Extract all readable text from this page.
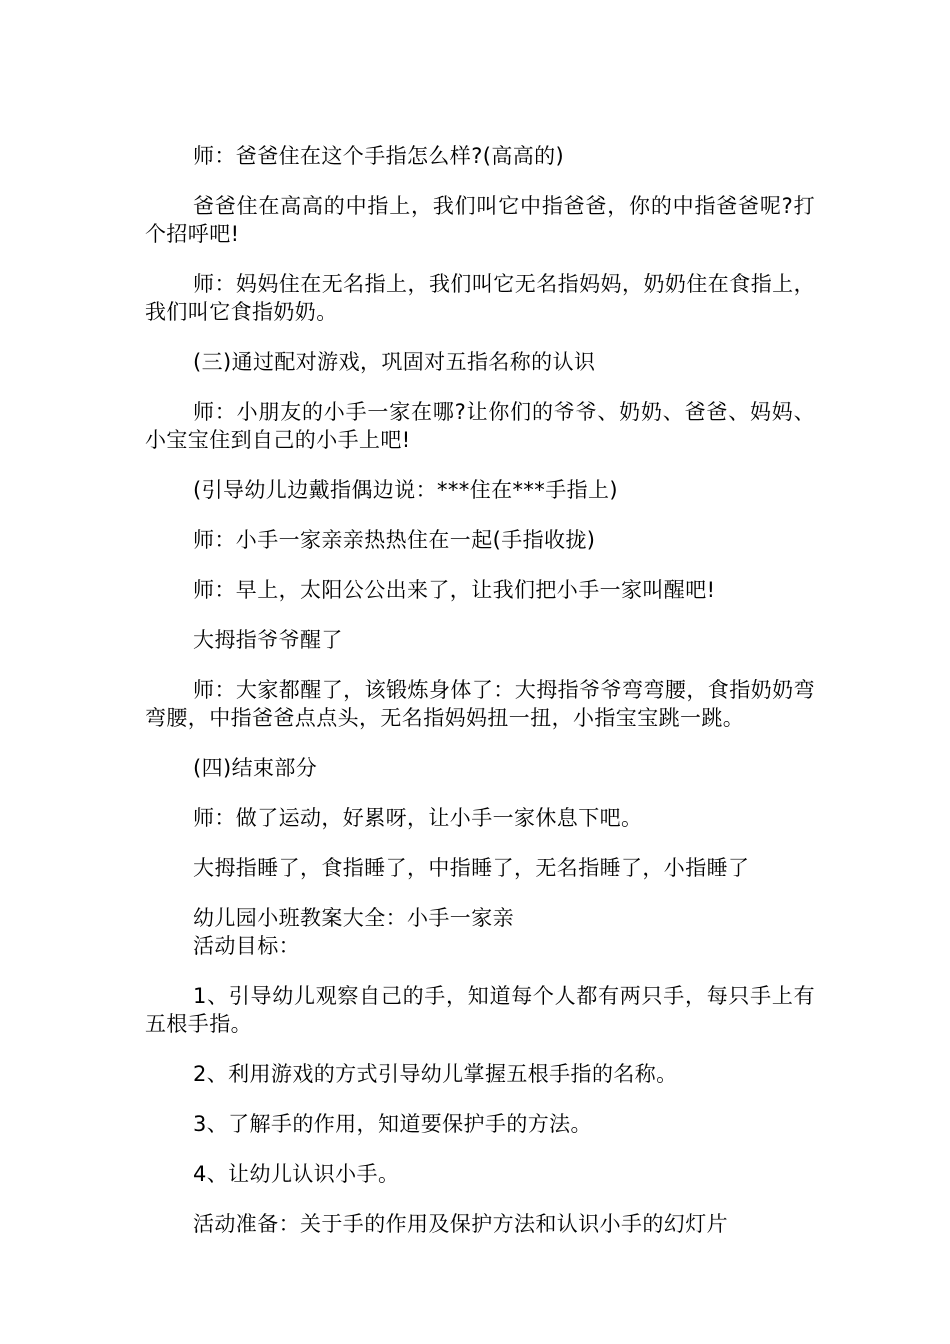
师：爸爸住在这个手指怎么样?(高高的)

爸爸住在高高的中指上，我们叫它中指爸爸，你的中指爸爸呢?打个招呼吧!

师：妈妈住在无名指上，我们叫它无名指妈妈，奶奶住在食指上，我们叫它食指奶奶。

(三)通过配对游戏，巩固对五指名称的认识

师：小朋友的小手一家在哪?让你们的爷爷、奶奶、爸爸、妈妈、小宝宝住到自己的小手上吧!

(引导幼儿边戴指偶边说：***住在***手指上)

师：小手一家亲亲热热住在一起(手指收拢)

师：早上，太阳公公出来了，让我们把小手一家叫醒吧!

大拇指爷爷醒了

师：大家都醒了，该锻炼身体了：大拇指爷爷弯弯腰，食指奶奶弯弯腰，中指爸爸点点头，无名指妈妈扭一扭，小指宝宝跳一跳。

(四)结束部分

师：做了运动，好累呀，让小手一家休息下吧。

大拇指睡了，食指睡了，中指睡了，无名指睡了，小指睡了

幼儿园小班教案大全：小手一家亲

活动目标：

1、引导幼儿观察自己的手，知道每个人都有两只手，每只手上有五根手指。

2、利用游戏的方式引导幼儿掌握五根手指的名称。

3、了解手的作用，知道要保护手的方法。

4、让幼儿认识小手。

活动准备：关于手的作用及保护方法和认识小手的幻灯片
